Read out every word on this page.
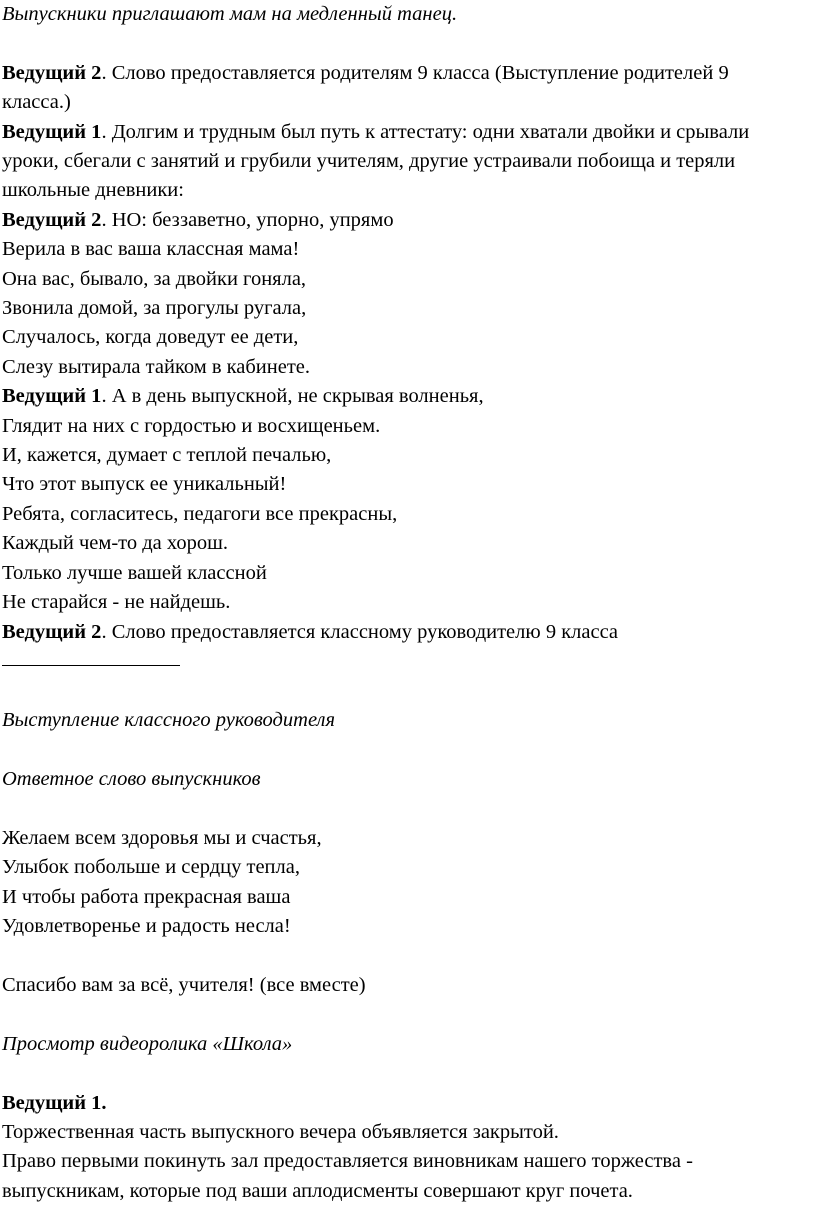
Выпускники приглашают мам на медленный танец.

Ведущий 2. Слово предоставляется родителям 9 класса (Выступление родителей 9 класса.)

Ведущий 1. Долгим и трудным был путь к аттестату: одни хватали двойки и срывали уроки, сбегали с занятий и грубили учителям, другие устраивали побоища и теряли школьные дневники:

Ведущий 2. НО: беззаветно, упорно, упрямо

Верила в вас ваша классная мама!
Она вас, бывало, за двойки гоняла,
Звонила домой, за прогулы ругала,
Случалось, когда доведут ее дети,
Слезу вытирала тайком в кабинете.

Ведущий 1. А в день выпускной, не скрывая волненья,

Глядит на них с гордостью и восхищеньем.
И, кажется, думает с теплой печалью,
Что этот выпуск ее уникальный!
Ребята, согласитесь, педагоги все прекрасны,
Каждый чем-то да хорош.
Только лучше вашей классной
Не старайся - не найдешь.

Ведущий 2. Слово предоставляется классному руководителю 9 класса

Выступление классного руководителя
Ответное слово выпускников
Желаем всем здоровья мы и счастья,
Улыбок побольше и сердцу тепла,
И чтобы работа прекрасная ваша
Удовлетворенье и радость несла!
Спасибо вам за всё, учителя! (все вместе)
Просмотр видеоролика «Школа»
Ведущий 1.
Торжественная часть выпускного вечера объявляется закрытой.

Право первыми покинуть зал предоставляется виновникам нашего торжества - выпускникам, которые под ваши аплодисменты совершают круг почета.
